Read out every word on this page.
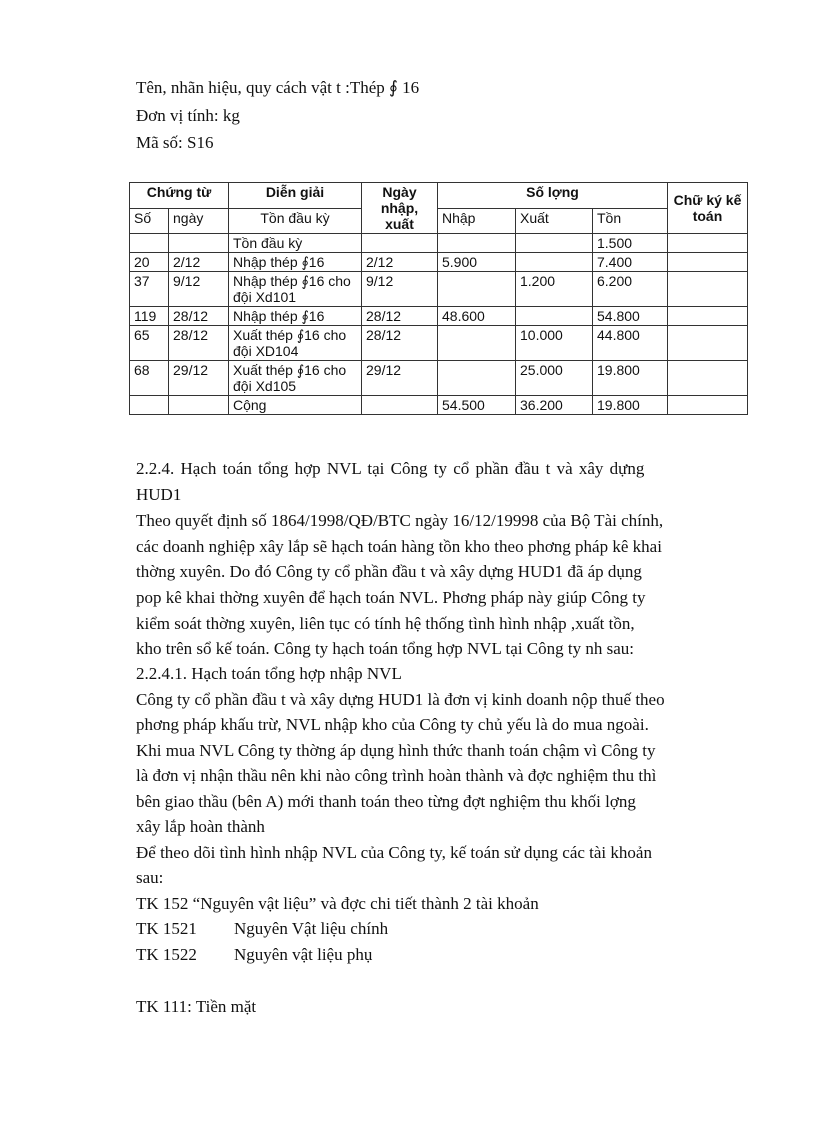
Tên, nhãn hiệu, quy cách vật t :Thép ∮ 16
Đơn vị tính: kg
Mã số: S16
Chứng từ		Diễn giải	Ngày nhập, xuất	Số lợng			Chữ ký kế toán
Số	ngày	Tồn đầu kỳ		Nhập	Xuất	Tồn	
		Tồn đầu kỳ				1.500	
20	2/12	Nhập thép ∮16	2/12	5.900		7.400	
37	9/12	Nhập thép ∮16 cho đội Xd101	9/12		1.200	6.200	
119	28/12	Nhập thép ∮16	28/12	48.600		54.800	
65	28/12	Xuất thép ∮16 cho đội XD104	28/12		10.000	44.800	
68	29/12	Xuất thép ∮16 cho đội Xd105	29/12		25.000	19.800	
		Cộng		54.500	36.200	19.800	
2.2.4. Hạch toán tổng hợp NVL tại Công ty cổ phần đầu t và xây dựng
HUD1
Theo quyết định số 1864/1998/QĐ/BTC ngày 16/12/19998 của Bộ Tài chính,
các doanh nghiệp xây lắp sẽ hạch toán hàng tồn kho theo phơng pháp kê khai
thờng xuyên. Do đó Công ty cổ phần đầu t và xây dựng HUD1 đã áp dụng
pop kê khai thờng xuyên để hạch toán NVL. Phơng pháp này giúp Công ty
kiểm soát thờng xuyên, liên tục có tính hệ thống tình hình nhập ,xuất tồn,
kho trên sổ kế toán. Công ty hạch toán tổng hợp NVL tại Công ty nh sau:
2.2.4.1. Hạch toán tổng hợp nhập NVL
Công ty cổ phần đầu t và xây dựng HUD1 là đơn vị kinh doanh nộp thuế theo
phơng pháp khấu trừ, NVL nhập kho của Công ty chủ yếu là do mua ngoài.
Khi mua NVL Công ty thờng áp dụng hình thức thanh toán chậm vì Công ty
là đơn vị nhận thầu nên khi nào công trình hoàn thành và đợc nghiệm thu thì
bên giao thầu (bên A) mới thanh toán theo từng đợt nghiệm thu khối lợng
xây lắp hoàn thành
Để theo dõi tình hình nhập NVL của Công ty, kế toán sử dụng các tài khoản
sau:
TK 152 “Nguyên vật liệu” và đợc chi tiết thành 2 tài khoản
TK 1521 Nguyên Vật liệu chính
TK 1522 Nguyên vật liệu phụ
TK 111: Tiền mặt
